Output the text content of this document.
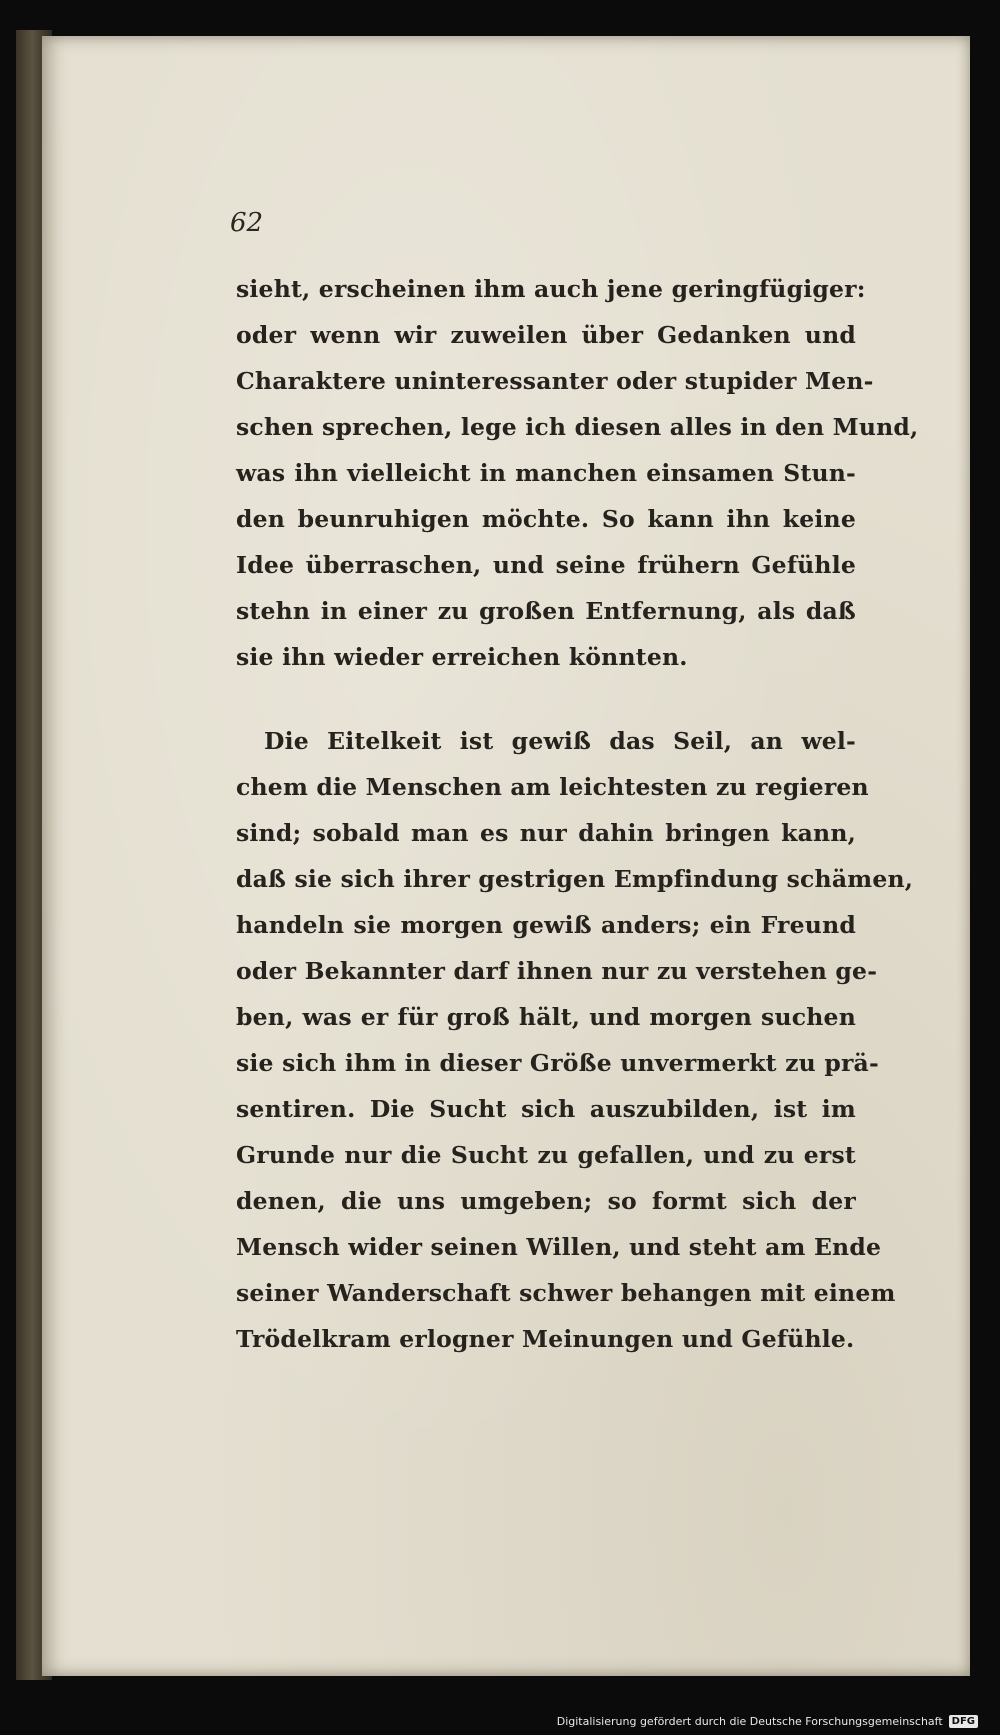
62
sieht, erscheinen ihm auch jene geringfügiger:
oder wenn wir zuweilen über Gedanken und
Charaktere uninteressanter oder stupider Men-
schen sprechen, lege ich diesen alles in den Mund,
was ihn vielleicht in manchen einsamen Stun-
den beunruhigen möchte. So kann ihn keine
Idee überraschen, und seine frühern Gefühle
stehn in einer zu großen Entfernung, als daß
sie ihn wieder erreichen könnten.
Die Eitelkeit ist gewiß das Seil, an wel-
chem die Menschen am leichtesten zu regieren
sind; sobald man es nur dahin bringen kann,
daß sie sich ihrer gestrigen Empfindung schämen,
handeln sie morgen gewiß anders; ein Freund
oder Bekannter darf ihnen nur zu verstehen ge-
ben, was er für groß hält, und morgen suchen
sie sich ihm in dieser Größe unvermerkt zu prä-
sentiren. Die Sucht sich auszubilden, ist im
Grunde nur die Sucht zu gefallen, und zu erst
denen, die uns umgeben; so formt sich der
Mensch wider seinen Willen, und steht am Ende
seiner Wanderschaft schwer behangen mit einem
Trödelkram erlogner Meinungen und Gefühle.
Digitalisierung gefördert durch die Deutsche Forschungsgemeinschaft DFG
